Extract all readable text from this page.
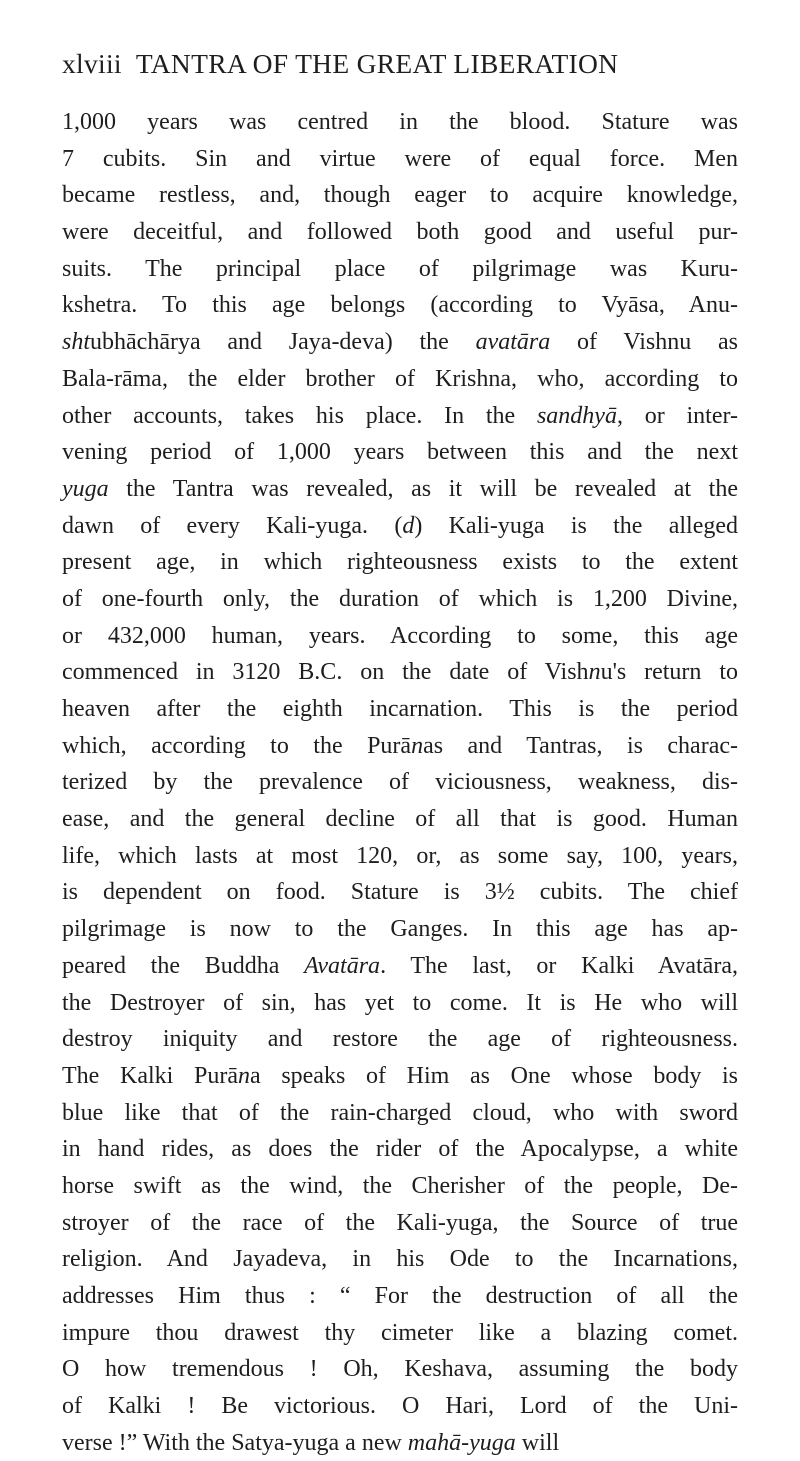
xlviii TANTRA OF THE GREAT LIBERATION
1,000 years was centred in the blood. Stature was
7 cubits. Sin and virtue were of equal force. Men
became restless, and, though eager to acquire knowledge,
were deceitful, and followed both good and useful pur-
suits. The principal place of pilgrimage was Kuru-
kshetra. To this age belongs (according to Vyāsa, Anu-
shtubhāchārya and Jaya-deva) the avatāra of Vishnu as
Bala-rāma, the elder brother of Krishna, who, according to
other accounts, takes his place. In the sandhyā, or inter-
vening period of 1,000 years between this and the next
yuga the Tantra was revealed, as it will be revealed at the
dawn of every Kali-yuga. (d) Kali-yuga is the alleged
present age, in which righteousness exists to the extent
of one-fourth only, the duration of which is 1,200 Divine,
or 432,000 human, years. According to some, this age
commenced in 3120 B.C. on the date of Vishnu's return to
heaven after the eighth incarnation. This is the period
which, according to the Purānas and Tantras, is charac-
terized by the prevalence of viciousness, weakness, dis-
ease, and the general decline of all that is good. Human
life, which lasts at most 120, or, as some say, 100, years,
is dependent on food. Stature is 3½ cubits. The chief
pilgrimage is now to the Ganges. In this age has ap-
peared the Buddha Avatāra. The last, or Kalki Avatāra,
the Destroyer of sin, has yet to come. It is He who will
destroy iniquity and restore the age of righteousness.
The Kalki Purāna speaks of Him as One whose body is
blue like that of the rain-charged cloud, who with sword
in hand rides, as does the rider of the Apocalypse, a white
horse swift as the wind, the Cherisher of the people, De-
stroyer of the race of the Kali-yuga, the Source of true
religion. And Jayadeva, in his Ode to the Incarnations,
addresses Him thus : “ For the destruction of all the
impure thou drawest thy cimeter like a blazing comet.
O how tremendous ! Oh, Keshava, assuming the body
of Kalki ! Be victorious. O Hari, Lord of the Uni-
verse !” With the Satya-yuga a new mahā-yuga will
